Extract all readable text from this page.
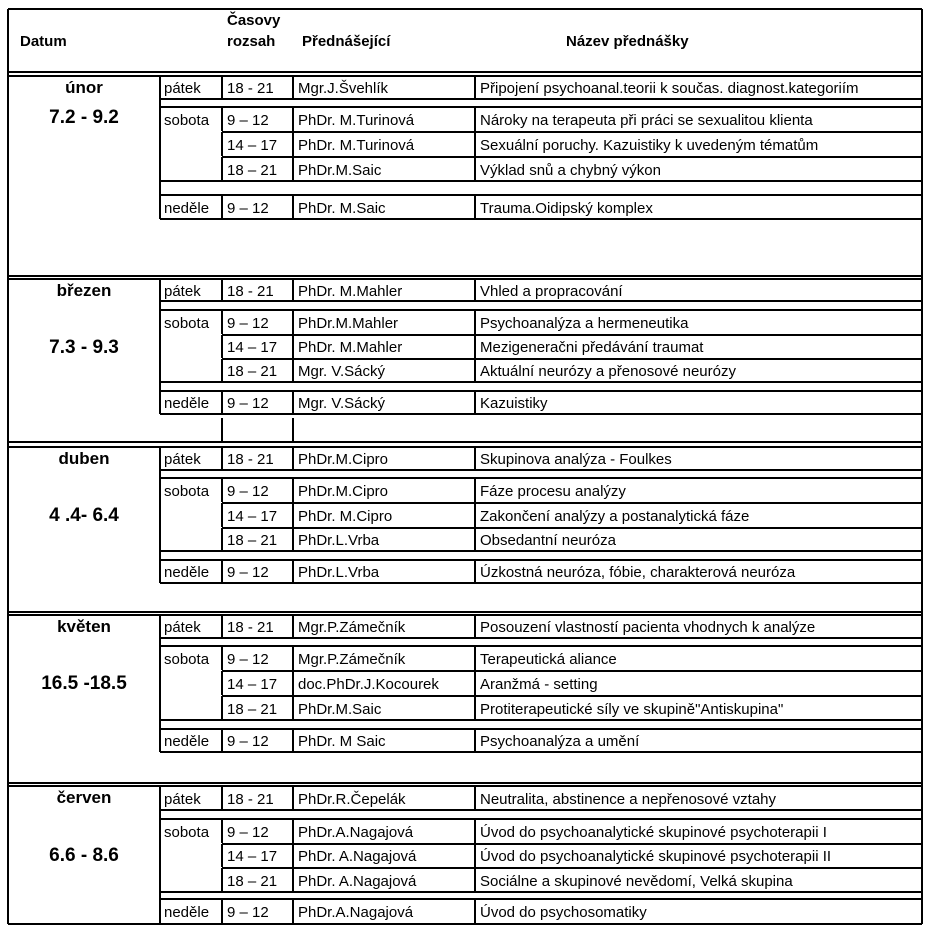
Datum
Časovy
rozsah Přednášející	Název přednášky
únor
7.2 - 9.2
pátek 18 - 21 Mgr.J.Švehlík	Připojení psychoanal.teorii k součas. diagnost.kategoriím
sobota 9 – 12 PhDr. M.Turinová	Nároky na terapeuta při práci se sexualitou klienta
14 – 17 PhDr. M.Turinová	Sexuální poruchy. Kazuistiky k uvedeným tématům
18 – 21 PhDr.M.Saic	Výklad snů a chybný výkon
neděle 9 – 12 PhDr. M.Saic	Trauma.Oidipský komplex
březen
7.3 - 9.3
pátek 18 - 21 PhDr. M.Mahler	Vhled a propracování
sobota 9 – 12 PhDr.M.Mahler	Psychoanalýza a hermeneutika
14 – 17 PhDr. M.Mahler	Mezigeneračni předávání traumat
18 – 21 Mgr. V.Sácký	Aktuální neurózy a přenosové neurózy
neděle 9 – 12 Mgr. V.Sácký	Kazuistiky
duben
4 .4- 6.4
pátek 18 - 21 PhDr.M.Cipro	Skupinova analýza - Foulkes
sobota 9 – 12 PhDr.M.Cipro	Fáze procesu analýzy
14 – 17 PhDr. M.Cipro	Zakončení analýzy a postanalytická fáze
18 – 21 PhDr.L.Vrba	Obsedantní neuróza
neděle 9 – 12 PhDr.L.Vrba	Úzkostná neuróza, fóbie, charakterová neuróza
květen
16.5 -18.5
pátek 18 - 21 Mgr.P.Zámečník	Posouzení vlastností pacienta vhodnych k analýze
sobota 9 – 12 Mgr.P.Zámečník	Terapeutická aliance
14 – 17 doc.PhDr.J.Kocourek	Aranžmá - setting
18 – 21 PhDr.M.Saic	Protiterapeutické síly ve skupině"Antiskupina"
neděle 9 – 12 PhDr. M Saic	Psychoanalýza a umění
červen
6.6 - 8.6
pátek 18 - 21 PhDr.R.Čepelák	Neutralita, abstinence a nepřenosové vztahy
sobota 9 – 12 PhDr.A.Nagajová	Úvod do psychoanalytické skupinové psychoterapii I
14 – 17 PhDr. A.Nagajová	Úvod do psychoanalytické skupinové psychoterapii II
18 – 21 PhDr. A.Nagajová	Sociálne a skupinové nevědomí, Velká skupina
neděle 9 – 12 PhDr.A.Nagajová	Úvod do psychosomatiky
